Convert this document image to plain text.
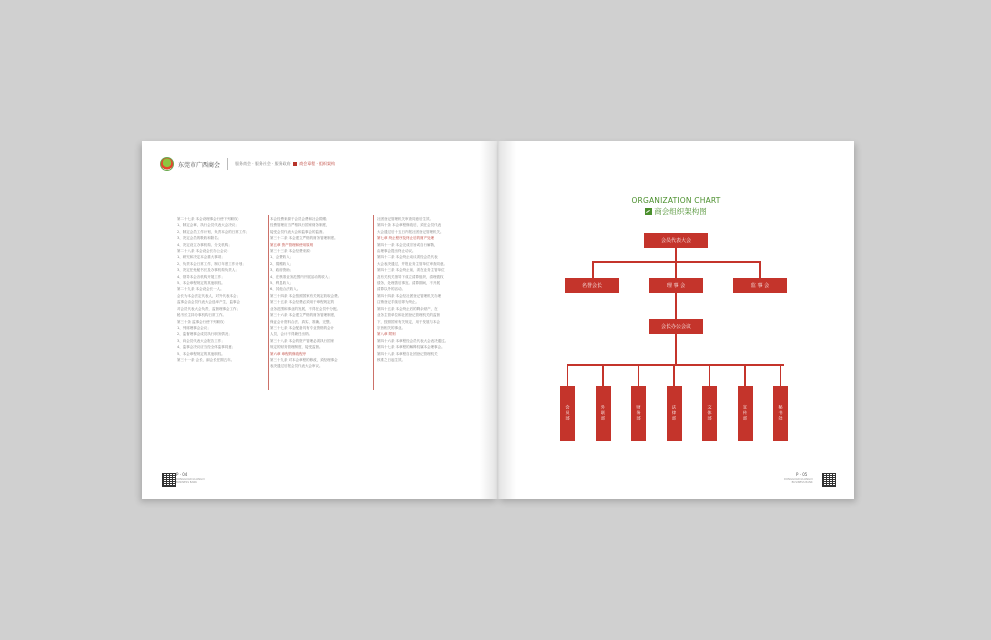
东莞市广西商会	服务商会 · 服务社会 · 服务政府 商会章程 · 组织架构

第二十七条 本会设理事会行使下列职权：

1、制定会章，执行会员代表大会决议；

2、制定会员工作计划，负责本会的日常工作；

3、决定会员的吸收和除名；

4、决定设立办事机构、分支机构；

第二十八条 本会设会长办公会议：

1、研究和决定本会重大事项；

2、负责本会日常工作，制订年度工作计划；

3、决定任免秘书长及办事机构负责人；

4、领导本会各机构开展工作；

5、本会章程规定的其他职权。

第二十九条 本会设会长一人。

会长为本会法定代表人，对外代表本会；

监事会由会员代表大会选举产生，监事会

对会员代表大会负责，监督理事会工作；

秘书长主持办事机构日常工作。

第三十条 监事会行使下列职权：

1、列席理事会会议；

2、监督理事会成员执行职务情况；

3、向会员代表大会报告工作；

4、监事会决议应当经全体监事同意；

5、本会章程规定的其他职权。

第三十一条 会长、副会长任期五年。

本会经费来源于会员会费和社会捐赠；

经费管理应当严格执行国家财务制度，

接受会员代表大会和监事会的监督。

第三十二条 本会建立严格的财务管理制度。

第五章 资产管理和使用原则

第三十三条 本会经费来源：

1、会费收入；

2、捐赠收入；

3、政府资助；

4、在核准业务范围内开展活动的收入；

5、利息收入；

6、其他合法收入。

第三十四条 本会按照国家有关规定收取会费。

第三十五条 本会经费必须用于章程规定的

业务范围和事业的发展，不得在会员中分配。

第三十六条 本会建立严格的财务管理制度，

保证会计资料合法、真实、准确、完整。

第三十七条 本会配备具有专业资格的会计

人员，会计不得兼任出纳。

第三十八条 本会的资产管理必须执行国家

规定的财务管理制度，接受监督。

第六章 章程的修改程序

第三十九条 对本会章程的修改，须经理事会

表决通过后报会员代表大会审议。

社团登记管理机关审查同意后生效。

第四十条 本会章程修改后，须在会员代表

大会通过后十五日内报社团登记管理机关。

第七章 终止程序及终止后的财产处理

第四十一条 本会完成宗旨或自行解散，

由理事会提出终止动议。

第四十二条 本会终止动议须经会员代表

大会表决通过，并报业务主管单位审查同意。

第四十三条 本会终止前，须在业务主管单位

及有关机关指导下成立清算组织，清理债权

债务，处理善后事宜。清算期间，不开展

清算以外的活动。

第四十四条 本会经社团登记管理机关办理

注销登记手续后即为终止。

第四十五条 本会终止后的剩余财产，在

业务主管单位和社团登记管理机关的监督

下，按照国家有关规定，用于发展与本会

宗旨相关的事业。

第八章 附则

第四十六条 本章程经会员代表大会表决通过。

第四十七条 本章程的解释权属本会理事会。

第四十八条 本章程自社团登记管理机关

核准之日起生效。

P · 04
DONGGUAN GUANGXI
BUSINESS BANK
ORGANIZATION CHART
商会组织架构图
会员代表大会
名誉会长	理 事 会	监 事 会
会长办公会议
P · 05
DONGGUAN GUANGXI
BUSINESS BANK
会员部	外联部	财务部	法律部	文体部	宣传部	秘书处
